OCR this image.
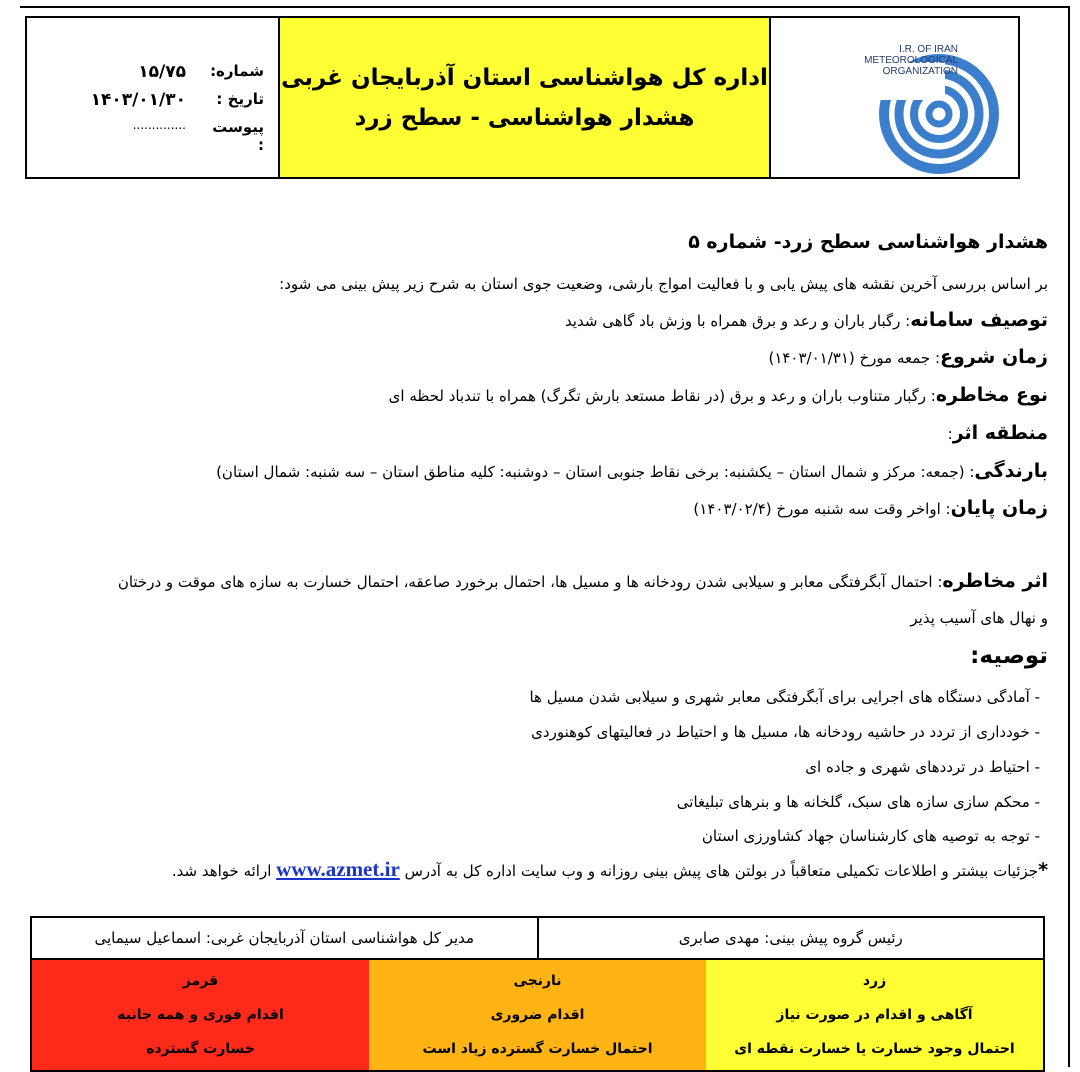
شماره:
۱۵/۷۵
تاریخ :
۱۴۰۳/۰۱/۳۰
پیوست :
..............
اداره کل هواشناسی استان آذربایجان غربی
هشدار هواشناسی - سطح زرد
I.R. OF IRAN
METEOROLOGICAL
ORGANIZATION
هشدار هواشناسی سطح زرد- شماره ۵
بر اساس بررسی آخرین نقشه های پیش یابی و با فعالیت امواج بارشی، وضعیت جوی استان به شرح زیر پیش بینی می شود:
توصیف سامانه: رگبار باران و رعد و برق همراه با وزش باد گاهی شدید
زمان شروع: جمعه مورخ (۱۴۰۳/۰۱/۳۱)
نوع مخاطره: رگبار متناوب باران و رعد و برق (در نقاط مستعد بارش تگرگ) همراه با تندباد لحظه ای
منطقه اثر:
بارندگی: (جمعه: مرکز و شمال استان – یکشنبه: برخی نقاط جنوبی استان – دوشنبه: کلیه مناطق استان – سه شنبه: شمال استان)
زمان پایان: اواخر وقت سه شنبه مورخ (۱۴۰۳/۰۲/۴)
اثر مخاطره: احتمال آبگرفتگی معابر و سیلابی شدن رودخانه ها و مسیل ها، احتمال برخورد صاعقه، احتمال خسارت به سازه های موقت و درختان
و نهال های آسیب پذیر
توصیه:
- آمادگی دستگاه های اجرایی برای آبگرفتگی معابر شهری و سیلابی شدن مسیل ها
- خودداری از تردد در حاشیه رودخانه ها، مسیل ها و احتیاط در فعالیتهای کوهنوردی
- احتیاط در ترددهای شهری و جاده ای
- محکم سازی سازه های سبک، گلخانه ها و بنرهای تبلیغاتی
- توجه به توصیه های کارشناسان جهاد کشاورزی استان
*جزئیات بیشتر و اطلاعات تکمیلی متعاقباً در بولتن های پیش بینی روزانه و وب سایت اداره کل به آدرس www.azmet.ir ارائه خواهد شد.
مدیر کل هواشناسی استان آذربایجان غربی: اسماعیل سیمایی	رئیس گروه پیش بینی: مهدی صابری
قرمز
اقدام فوری و همه جانبه
خسارت گسترده
نارنجی
اقدام ضروری
احتمال خسارت گسترده زیاد است
زرد
آگاهی و اقدام در صورت نیاز
احتمال وجود خسارت یا خسارت نقطه ای
